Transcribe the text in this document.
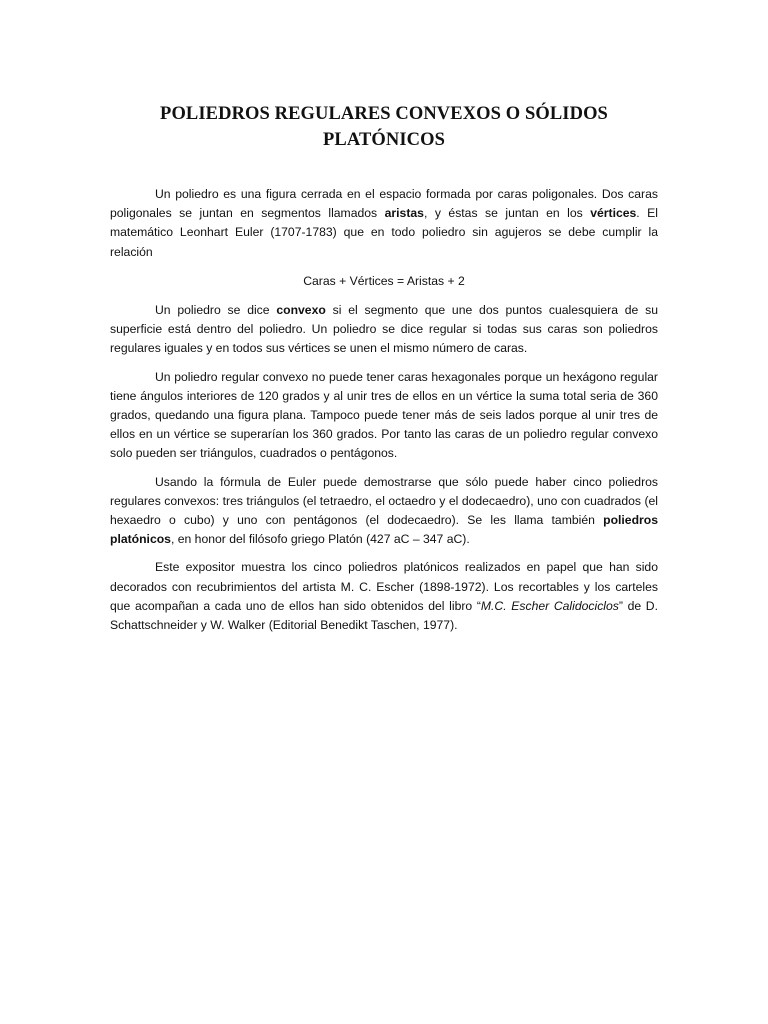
POLIEDROS REGULARES CONVEXOS O SÓLIDOS
PLATÓNICOS

Un poliedro es una figura cerrada en el espacio formada por caras poligonales. Dos caras poligonales se juntan en segmentos llamados aristas, y éstas se juntan en los vértices. El matemático Leonhart Euler (1707-1783) que en todo poliedro sin agujeros se debe cumplir la relación

Caras + Vértices = Aristas + 2

Un poliedro se dice convexo si el segmento que une dos puntos cualesquiera de su superficie está dentro del poliedro. Un poliedro se dice regular si todas sus caras son poliedros regulares iguales y en todos sus vértices se unen el mismo número de caras.

Un poliedro regular convexo no puede tener caras hexagonales porque un hexágono regular tiene ángulos interiores de 120 grados y al unir tres de ellos en un vértice la suma total seria de 360 grados, quedando una figura plana. Tampoco puede tener más de seis lados porque al unir tres de ellos en un vértice se superarían los 360 grados. Por tanto las caras de un poliedro regular convexo solo pueden ser triángulos, cuadrados o pentágonos.

Usando la fórmula de Euler puede demostrarse que sólo puede haber cinco poliedros regulares convexos: tres triángulos (el tetraedro, el octaedro y el dodecaedro), uno con cuadrados (el hexaedro o cubo) y uno con pentágonos (el dodecaedro). Se les llama también poliedros platónicos, en honor del filósofo griego Platón (427 aC – 347 aC).

Este expositor muestra los cinco poliedros platónicos realizados en papel que han sido decorados con recubrimientos del artista M. C. Escher (1898-1972). Los recortables y los carteles que acompañan a cada uno de ellos han sido obtenidos del libro “M.C. Escher Calidociclos” de D. Schattschneider y W. Walker (Editorial Benedikt Taschen, 1977).
